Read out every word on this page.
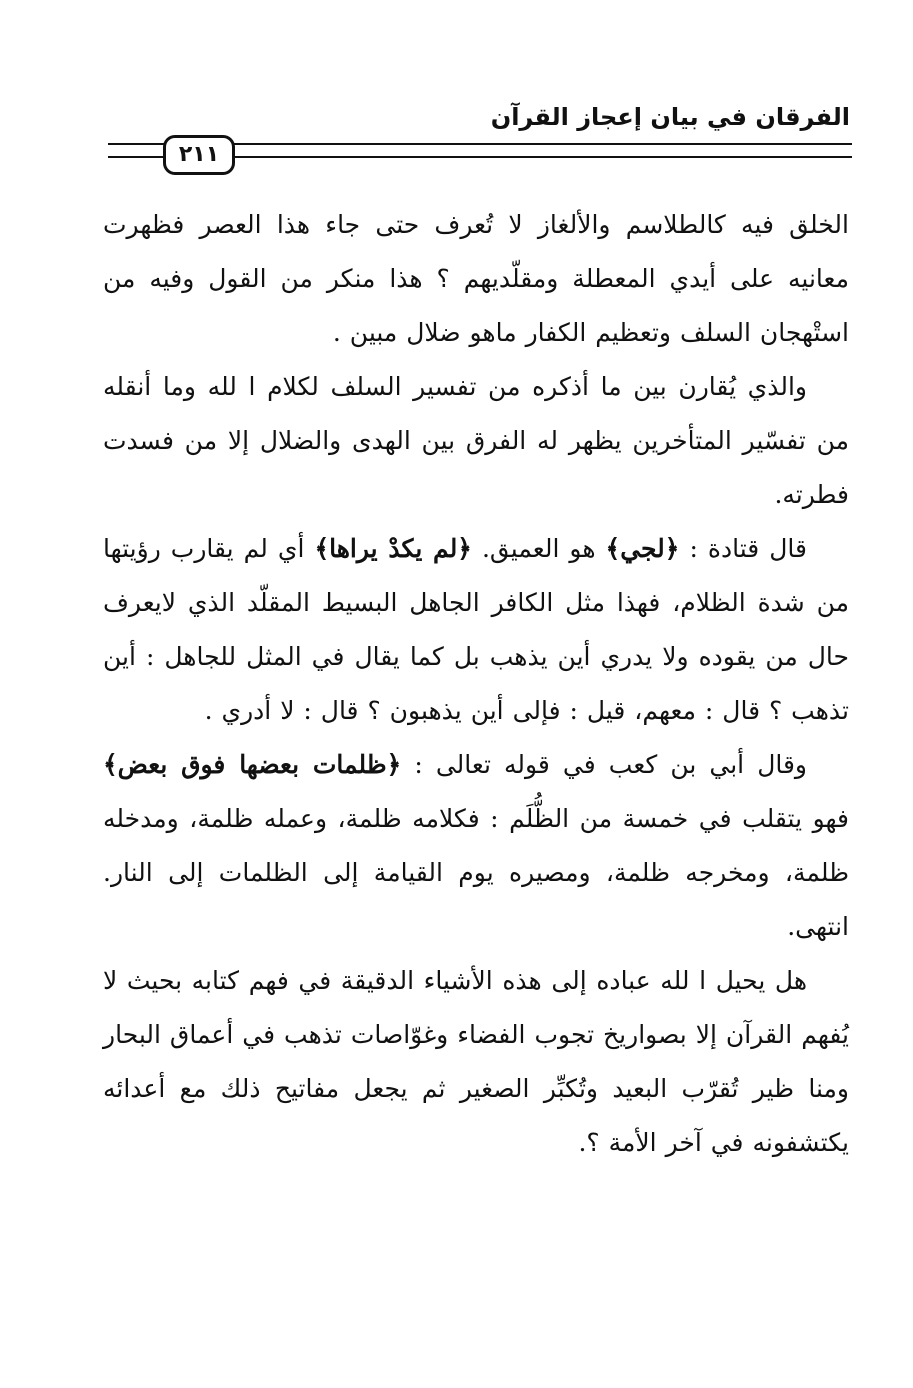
الفرقان في بيان إعجاز القرآن
٢١١

الخلق فيه كالطلاسم والألغاز لا تُعرف حتى جاء هذا العصر فظهرت معانيه على أيدي المعطلة ومقلّديهم ؟ هذا منكر من القول وفيه من استْهجان السلف وتعظيم الكفار ماهو ضلال مبين .

والذي يُقارن بين ما أذكره من تفسير السلف لكلام ا لله وما أنقله من تفسّير المتأخرين يظهر له الفرق بين الهدى والضلال إلا من فسدت فطرته.

قال قتادة : ﴿لجي﴾ هو العميق. ﴿لم يكدْ يراها﴾ أي لم يقارب رؤيتها من شدة الظلام، فهذا مثل الكافر الجاهل البسيط المقلّد الذي لايعرف حال من يقوده ولا يدري أين يذهب بل كما يقال في المثل للجاهل : أين تذهب ؟ قال : معهم، قيل : فإلى أين يذهبون ؟ قال : لا أدري .

وقال أبي بن كعب في قوله تعالى : ﴿ظلمات بعضها فوق بعض﴾ فهو يتقلب في خمسة من الظُّلَم : فكلامه ظلمة، وعمله ظلمة، ومدخله ظلمة، ومخرجه ظلمة، ومصيره يوم القيامة إلى الظلمات إلى النار. انتهى.

هل يحيل ا لله عباده إلى هذه الأشياء الدقيقة في فهم كتابه بحيث لا يُفهم القرآن إلا بصواريخ تجوب الفضاء وغوّاصات تذهب في أعماق البحار ومنا ظير تُقرّب البعيد وتُكبِّر الصغير ثم يجعل مفاتيح ذلك مع أعدائه يكتشفونه في آخر الأمة ؟.
